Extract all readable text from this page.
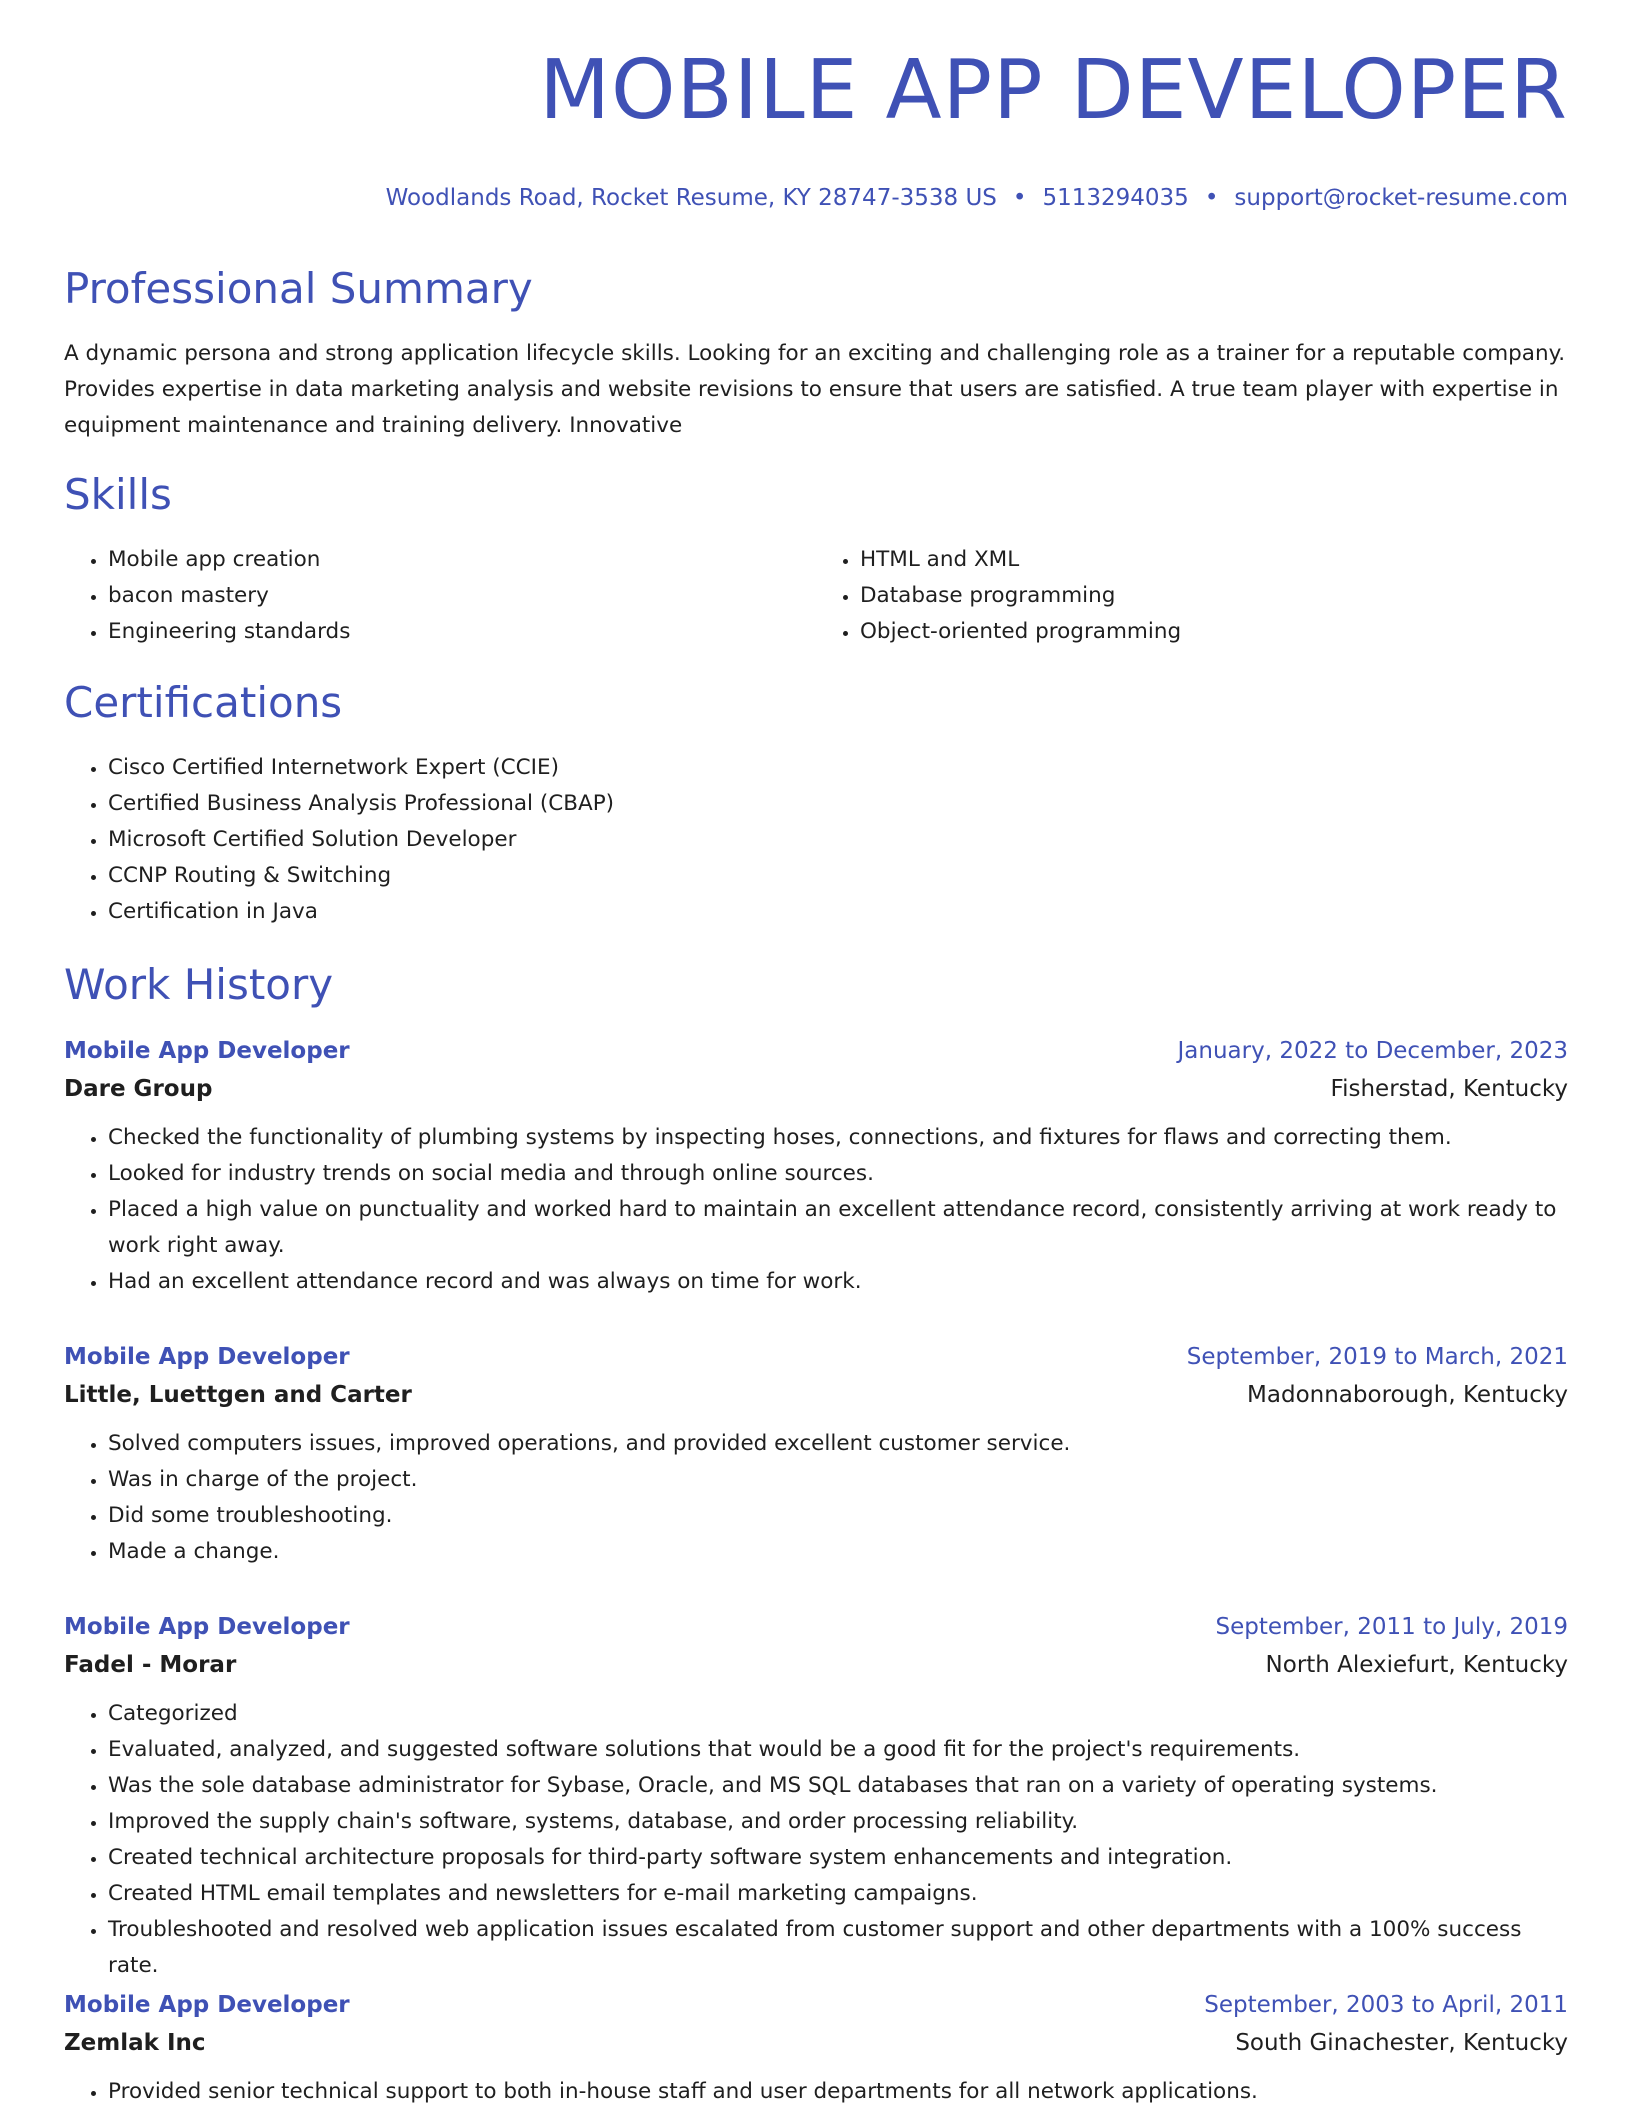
MOBILE APP DEVELOPER
Woodlands Road, Rocket Resume, KY 28747-3538 US • 5113294035 • support@rocket-resume.com
Professional Summary

A dynamic persona and strong application lifecycle skills. Looking for an exciting and challenging role as a trainer for a reputable company. Provides expertise in data marketing analysis and website revisions to ensure that users are satisfied. A true team player with expertise in equipment maintenance and training delivery. Innovative

Skills
• Mobile app creation
• bacon mastery
• Engineering standards
• HTML and XML
• Database programming
• Object-oriented programming
Certifications
• Cisco Certified Internetwork Expert (CCIE)
• Certified Business Analysis Professional (CBAP)
• Microsoft Certified Solution Developer
• CCNP Routing & Switching
• Certification in Java
Work History
Mobile App Developer	January, 2022 to December, 2023
Dare Group	Fisherstad, Kentucky
• Checked the functionality of plumbing systems by inspecting hoses, connections, and fixtures for flaws and correcting them.
• Looked for industry trends on social media and through online sources.
• Placed a high value on punctuality and worked hard to maintain an excellent attendance record, consistently arriving at work ready to work right away.
• Had an excellent attendance record and was always on time for work.
Mobile App Developer	September, 2019 to March, 2021
Little, Luettgen and Carter	Madonnaborough, Kentucky
• Solved computers issues, improved operations, and provided excellent customer service.
• Was in charge of the project.
• Did some troubleshooting.
• Made a change.
Mobile App Developer	September, 2011 to July, 2019
Fadel - Morar	North Alexiefurt, Kentucky
• Categorized
• Evaluated, analyzed, and suggested software solutions that would be a good fit for the project's requirements.
• Was the sole database administrator for Sybase, Oracle, and MS SQL databases that ran on a variety of operating systems.
• Improved the supply chain's software, systems, database, and order processing reliability.
• Created technical architecture proposals for third-party software system enhancements and integration.
• Created HTML email templates and newsletters for e-mail marketing campaigns.
• Troubleshooted and resolved web application issues escalated from customer support and other departments with a 100% success rate.
Mobile App Developer	September, 2003 to April, 2011
Zemlak Inc	South Ginachester, Kentucky
• Provided senior technical support to both in-house staff and user departments for all network applications.
